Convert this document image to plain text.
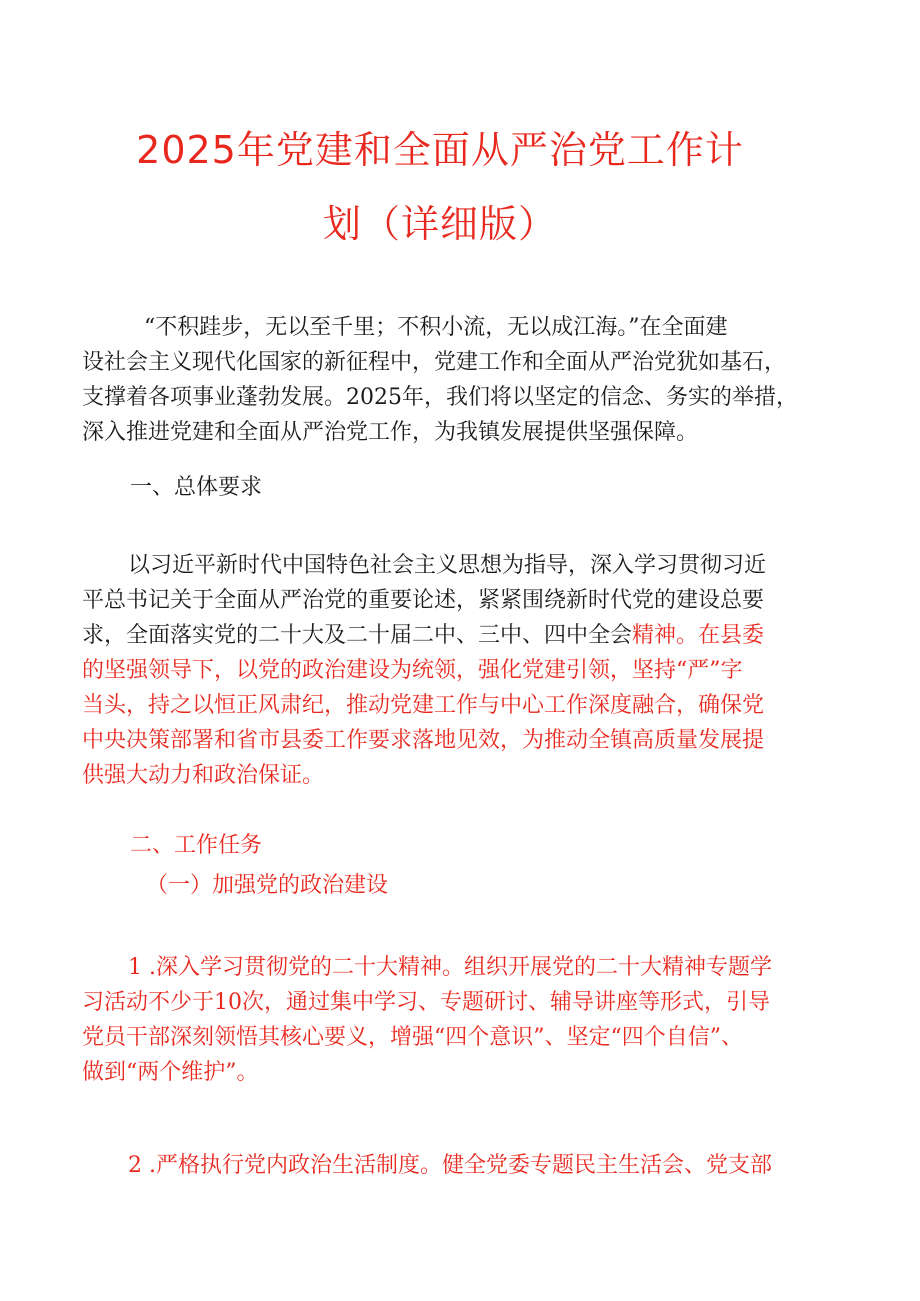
2025年党建和全面从严治党工作计
划（详细版）
“不积跬步，无以至千里；不积小流，无以成江海。”在全面建
设社会主义现代化国家的新征程中，党建工作和全面从严治党犹如基石，
支撑着各项事业蓬勃发展。2025年，我们将以坚定的信念、务实的举措，
深入推进党建和全面从严治党工作，为我镇发展提供坚强保障。
一、总体要求
以习近平新时代中国特色社会主义思想为指导，深入学习贯彻习近
平总书记关于全面从严治党的重要论述，紧紧围绕新时代党的建设总要
求，全面落实党的二十大及二十届二中、三中、四中全会精神。在县委
的坚强领导下，以党的政治建设为统领，强化党建引领，坚持“严”字
当头，持之以恒正风肃纪，推动党建工作与中心工作深度融合，确保党
中央决策部署和省市县委工作要求落地见效，为推动全镇高质量发展提
供强大动力和政治保证。
二、工作任务
（一）加强党的政治建设
1 .深入学习贯彻党的二十大精神。组织开展党的二十大精神专题学
习活动不少于10次，通过集中学习、专题研讨、辅导讲座等形式，引导
党员干部深刻领悟其核心要义，增强“四个意识”、坚定“四个自信”、
做到“两个维护”。
2 .严格执行党内政治生活制度。健全党委专题民主生活会、党支部
